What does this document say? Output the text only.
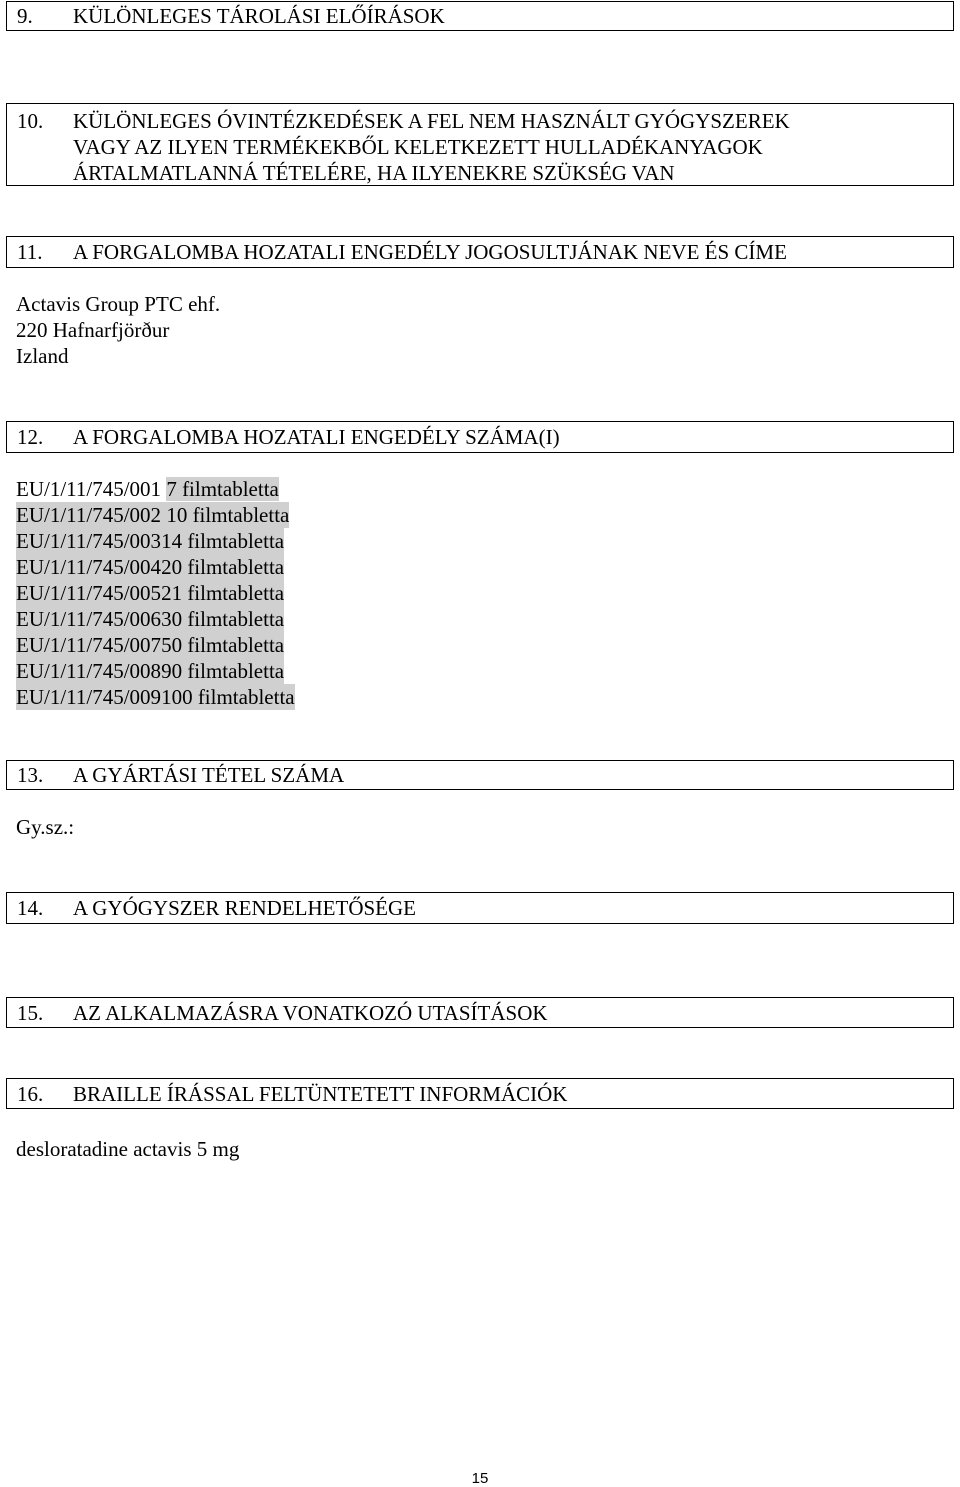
9. KÜLÖNLEGES TÁROLÁSI ELŐÍRÁSOK
10. KÜLÖNLEGES ÓVINTÉZKEDÉSEK A FEL NEM HASZNÁLT GYÓGYSZEREK
VAGY AZ ILYEN TERMÉKEKBŐL KELETKEZETT HULLADÉKANYAGOK
ÁRTALMATLANNÁ TÉTELÉRE, HA ILYENEKRE SZÜKSÉG VAN
11. A FORGALOMBA HOZATALI ENGEDÉLY JOGOSULTJÁNAK NEVE ÉS CÍME
Actavis Group PTC ehf.
220 Hafnarfjörður
Izland
12. A FORGALOMBA HOZATALI ENGEDÉLY SZÁMA(I)
EU/1/11/745/001 7 filmtabletta
EU/1/11/745/002 10 filmtabletta
EU/1/11/745/00314 filmtabletta
EU/1/11/745/00420 filmtabletta
EU/1/11/745/00521 filmtabletta
EU/1/11/745/00630 filmtabletta
EU/1/11/745/00750 filmtabletta
EU/1/11/745/00890 filmtabletta
EU/1/11/745/009100 filmtabletta
13. A GYÁRTÁSI TÉTEL SZÁMA
Gy.sz.:
14. A GYÓGYSZER RENDELHETŐSÉGE
15. AZ ALKALMAZÁSRA VONATKOZÓ UTASÍTÁSOK
16. BRAILLE ÍRÁSSAL FELTÜNTETETT INFORMÁCIÓK
desloratadine actavis 5 mg
15
